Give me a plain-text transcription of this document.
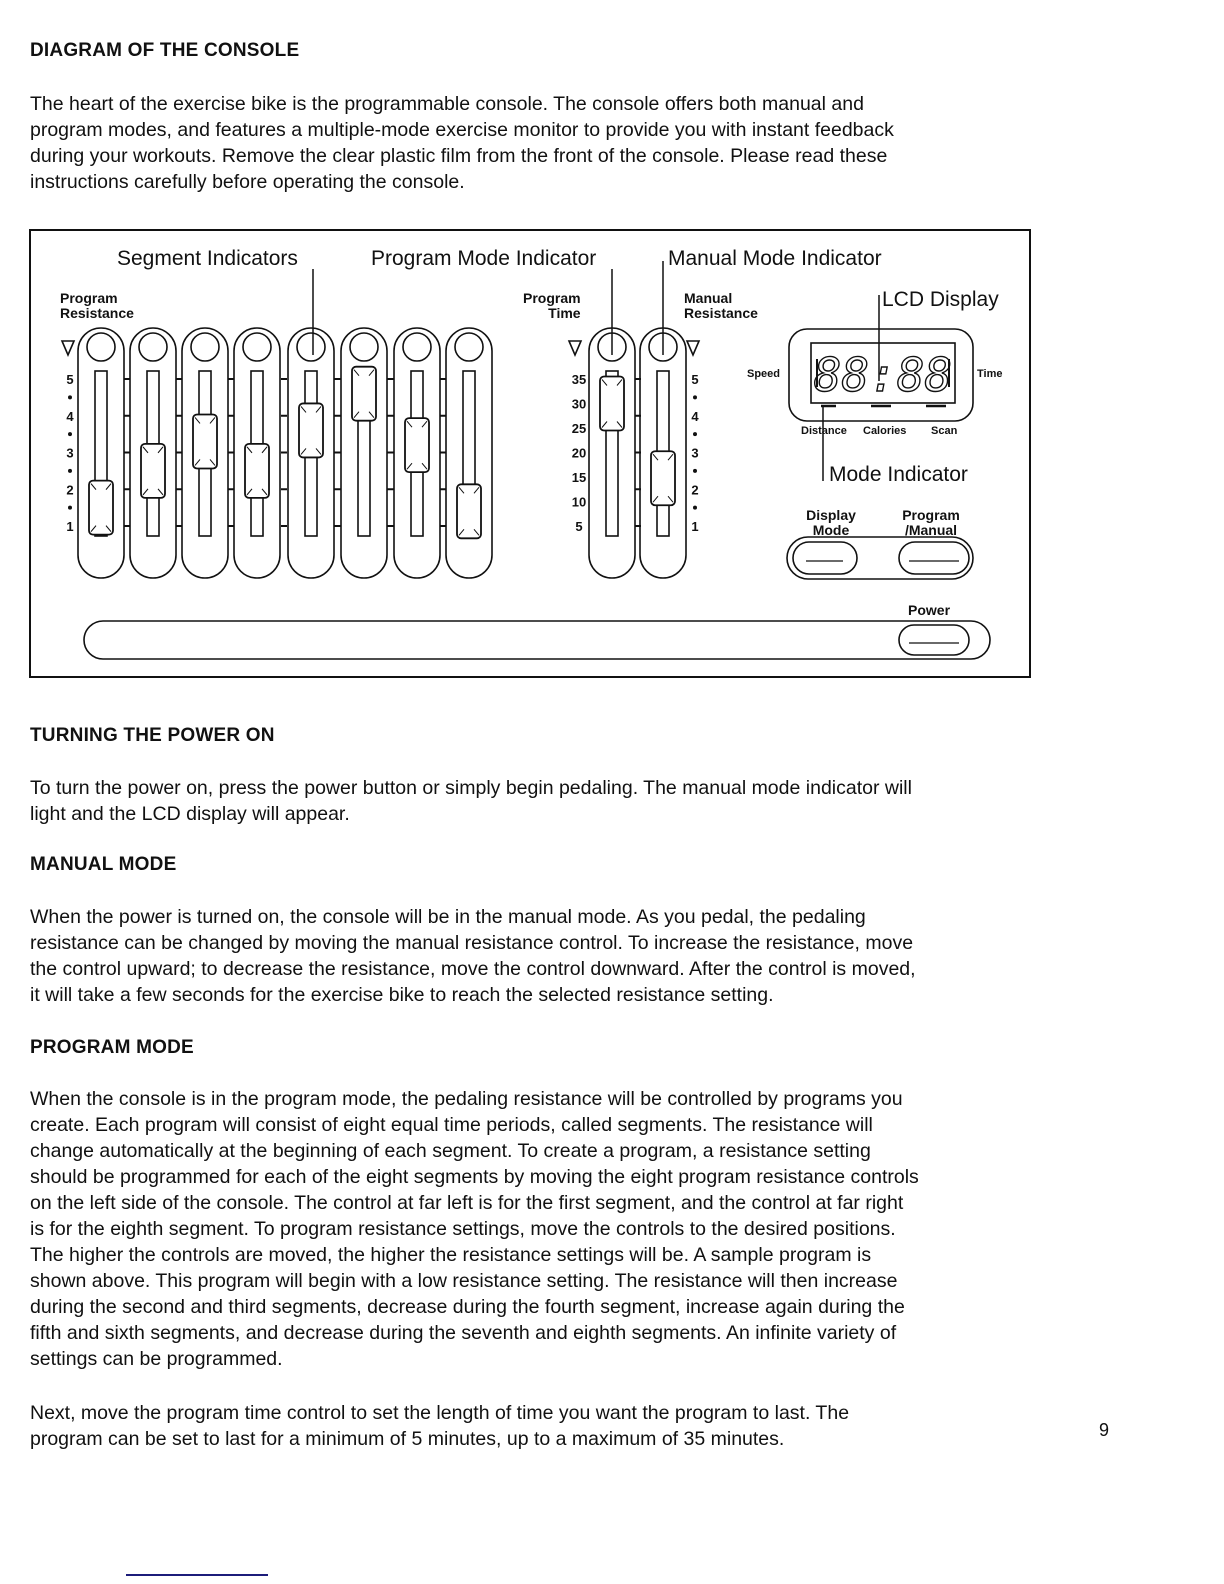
DIAGRAM OF THE CONSOLE
The heart of the exercise bike is the programmable console. The console offers both manual and
program modes, and features a multiple-mode exercise monitor to provide you with instant feedback
during your workouts. Remove the clear plastic film from the front of the console. Please read these
instructions carefully before operating the console.
5
4
3
2
1
35
30
25
20
15
10
5
5
4
3
2
1
88:88
Segment Indicators	Program Mode Indicator	Manual Mode Indicator
LCD Display
Mode Indicator
Program
Resistance
Program
Time
Manual
Resistance
Speed	Time
Distance Calories Scan
Display
Mode
Program
/Manual
Power
TURNING THE POWER ON
To turn the power on, press the power button or simply begin pedaling. The manual mode indicator will
light and the LCD display will appear.
MANUAL MODE
When the power is turned on, the console will be in the manual mode. As you pedal, the pedaling
resistance can be changed by moving the manual resistance control. To increase the resistance, move
the control upward; to decrease the resistance, move the control downward. After the control is moved,
it will take a few seconds for the exercise bike to reach the selected resistance setting.
PROGRAM MODE
When the console is in the program mode, the pedaling resistance will be controlled by programs you
create. Each program will consist of eight equal time periods, called segments. The resistance will
change automatically at the beginning of each segment. To create a program, a resistance setting
should be programmed for each of the eight segments by moving the eight program resistance controls
on the left side of the console. The control at far left is for the first segment, and the control at far right
is for the eighth segment. To program resistance settings, move the controls to the desired positions.
The higher the controls are moved, the higher the resistance settings will be. A sample program is
shown above. This program will begin with a low resistance setting. The resistance will then increase
during the second and third segments, decrease during the fourth segment, increase again during the
fifth and sixth segments, and decrease during the seventh and eighth segments. An infinite variety of
settings can be programmed.
Next, move the program time control to set the length of time you want the program to last. The
program can be set to last for a minimum of 5 minutes, up to a maximum of 35 minutes.	9
